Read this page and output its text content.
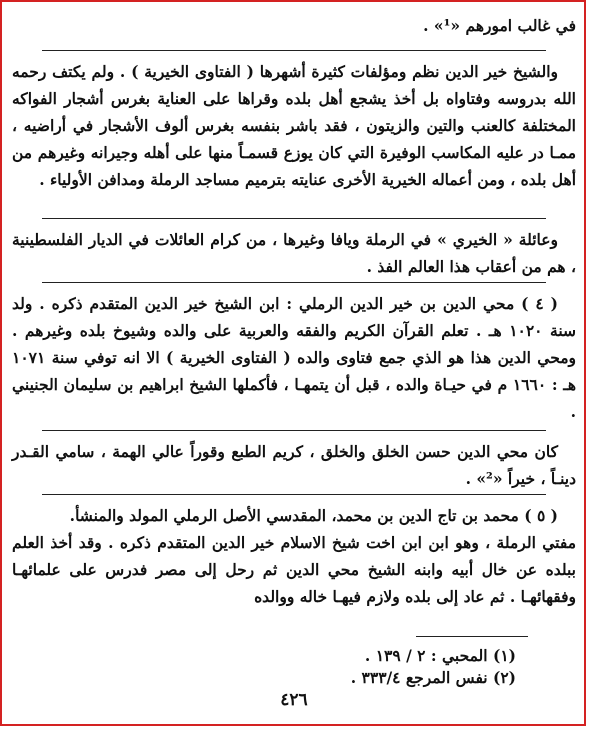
في غالب امورهم «¹» .

والشيخ خير الدين نظم ومؤلفات كثيرة أشهرها ( الفتاوى الخيرية ) . ولم يكتف رحمه الله بدروسه وفتاواه بل أخذ يشجع أهل بلده وقراها على العناية بغرس أشجار الفواكه المختلفة كالعنب والتين والزيتون ، فقد باشر بنفسه بغرس ألوف الأشجار في أراضيه ، ممـا در عليه المكاسب الوفيرة التي كان يوزع قسمـاً منها على أهله وجيرانه وغيرهم من أهل بلده ، ومن أعماله الخيرية الأخرى عنايته بترميم مساجد الرملة ومدافن الأولياء .

وعائلة « الخيري » في الرملة ويافا وغيرها ، من كرام العائلات في الديار الفلسطينية ، هم من أعقاب هذا العالم الفذ .

( ٤ ) محي الدين بن خير الدين الرملي : ابن الشيخ خير الدين المتقدم ذكره . ولد سنة ١٠٢٠ هـ . تعلم القرآن الكريم والفقه والعربية على والده وشيوخ بلده وغيرهم . ومحي الدين هذا هو الذي جمع فتاوى والده ( الفتاوى الخيرية ) الا انه توفي سنة ١٠٧١ هـ : ١٦٦٠ م في حيـاة والده ، قبل أن يتمهـا ، فأكملها الشيخ ابراهيم بن سليمان الجنيني .

كان محي الدين حسن الخلق والخلق ، كريم الطبع وقوراً عالي الهمة ، سامي القـدر دينـاً ، خيراً «²» .

( ٥ ) محمد بن تاج الدين بن محمد، المقدسي الأصل الرملي المولد والمنشأ.

مفتي الرملة ، وهو ابن ابن اخت شيخ الاسلام خير الدين المتقدم ذكره . وقد أخذ العلم ببلده عن خال أبيه وابنه الشيخ محي الدين ثم رحل إلى مصر فدرس على علمائهـا وفقهائهـا . ثم عاد إلى بلده ولازم فيهـا خاله ووالده

(١) المحبي : ٢ / ١٣٩ .

(٢) نفس المرجع ٣٣٣/٤ .

٤٢٦
